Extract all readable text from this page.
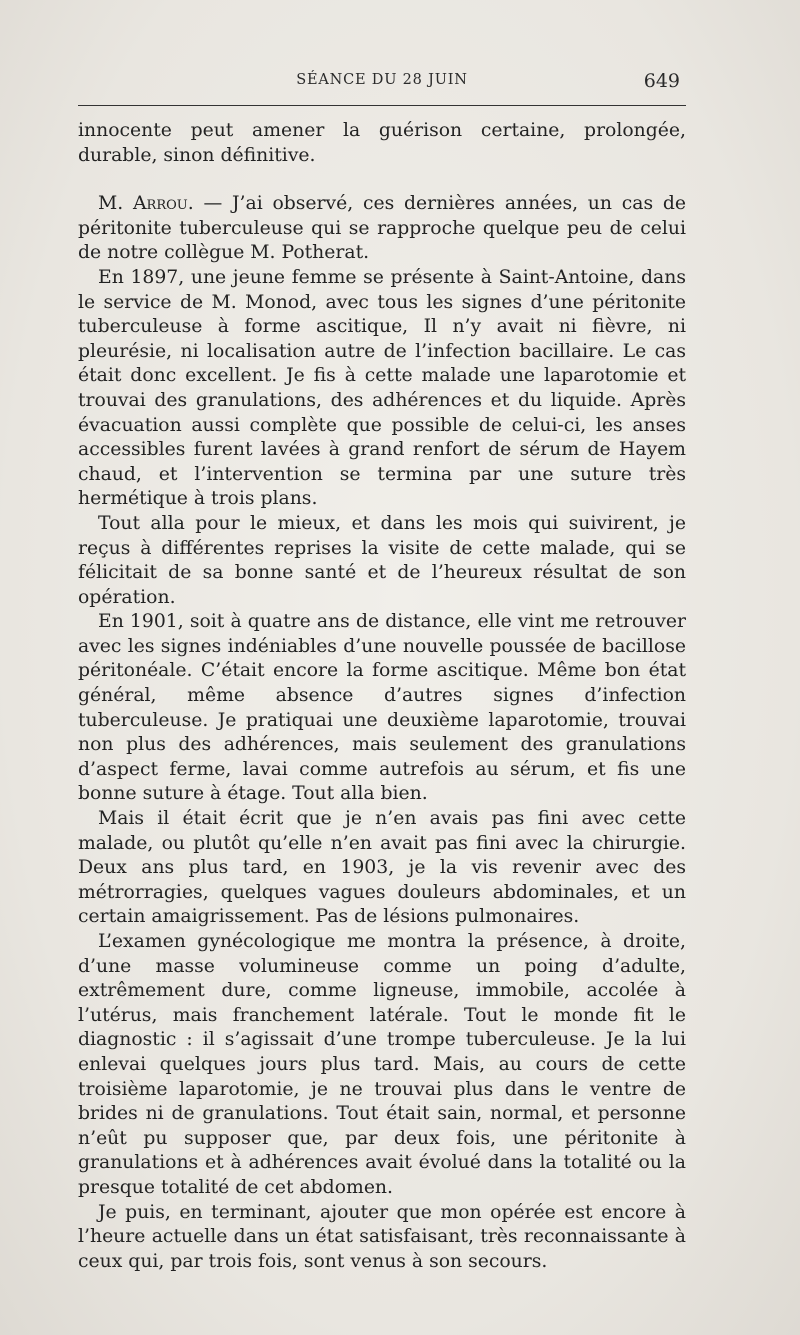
SÉANCE DU 28 JUIN	649

innocente peut amener la guérison certaine, prolongée, durable, sinon définitive.

M. Arrou. — J’ai observé, ces dernières années, un cas de péritonite tuberculeuse qui se rapproche quelque peu de celui de notre collègue M. Potherat.

En 1897, une jeune femme se présente à Saint-Antoine, dans le service de M. Monod, avec tous les signes d’une péritonite tuberculeuse à forme ascitique, Il n’y avait ni fièvre, ni pleurésie, ni localisation autre de l’infection bacillaire. Le cas était donc excellent. Je fis à cette malade une laparotomie et trouvai des granulations, des adhérences et du liquide. Après évacuation aussi complète que possible de celui-ci, les anses accessibles furent lavées à grand renfort de sérum de Hayem chaud, et l’intervention se termina par une suture très hermétique à trois plans.

Tout alla pour le mieux, et dans les mois qui suivirent, je reçus à différentes reprises la visite de cette malade, qui se félicitait de sa bonne santé et de l’heureux résultat de son opération.

En 1901, soit à quatre ans de distance, elle vint me retrouver avec les signes indéniables d’une nouvelle poussée de bacillose péritonéale. C’était encore la forme ascitique. Même bon état général, même absence d’autres signes d’infection tuberculeuse. Je pratiquai une deuxième laparotomie, trouvai non plus des adhérences, mais seulement des granulations d’aspect ferme, lavai comme autrefois au sérum, et fis une bonne suture à étage. Tout alla bien.

Mais il était écrit que je n’en avais pas fini avec cette malade, ou plutôt qu’elle n’en avait pas fini avec la chirurgie. Deux ans plus tard, en 1903, je la vis revenir avec des métrorragies, quelques vagues douleurs abdominales, et un certain amaigrissement. Pas de lésions pulmonaires.

L’examen gynécologique me montra la présence, à droite, d’une masse volumineuse comme un poing d’adulte, extrêmement dure, comme ligneuse, immobile, accolée à l’utérus, mais franchement latérale. Tout le monde fit le diagnostic : il s’agissait d’une trompe tuberculeuse. Je la lui enlevai quelques jours plus tard. Mais, au cours de cette troisième laparotomie, je ne trouvai plus dans le ventre de brides ni de granulations. Tout était sain, normal, et personne n’eût pu supposer que, par deux fois, une péritonite à granulations et à adhérences avait évolué dans la totalité ou la presque totalité de cet abdomen.

Je puis, en terminant, ajouter que mon opérée est encore à l’heure actuelle dans un état satisfaisant, très reconnaissante à ceux qui, par trois fois, sont venus à son secours.
